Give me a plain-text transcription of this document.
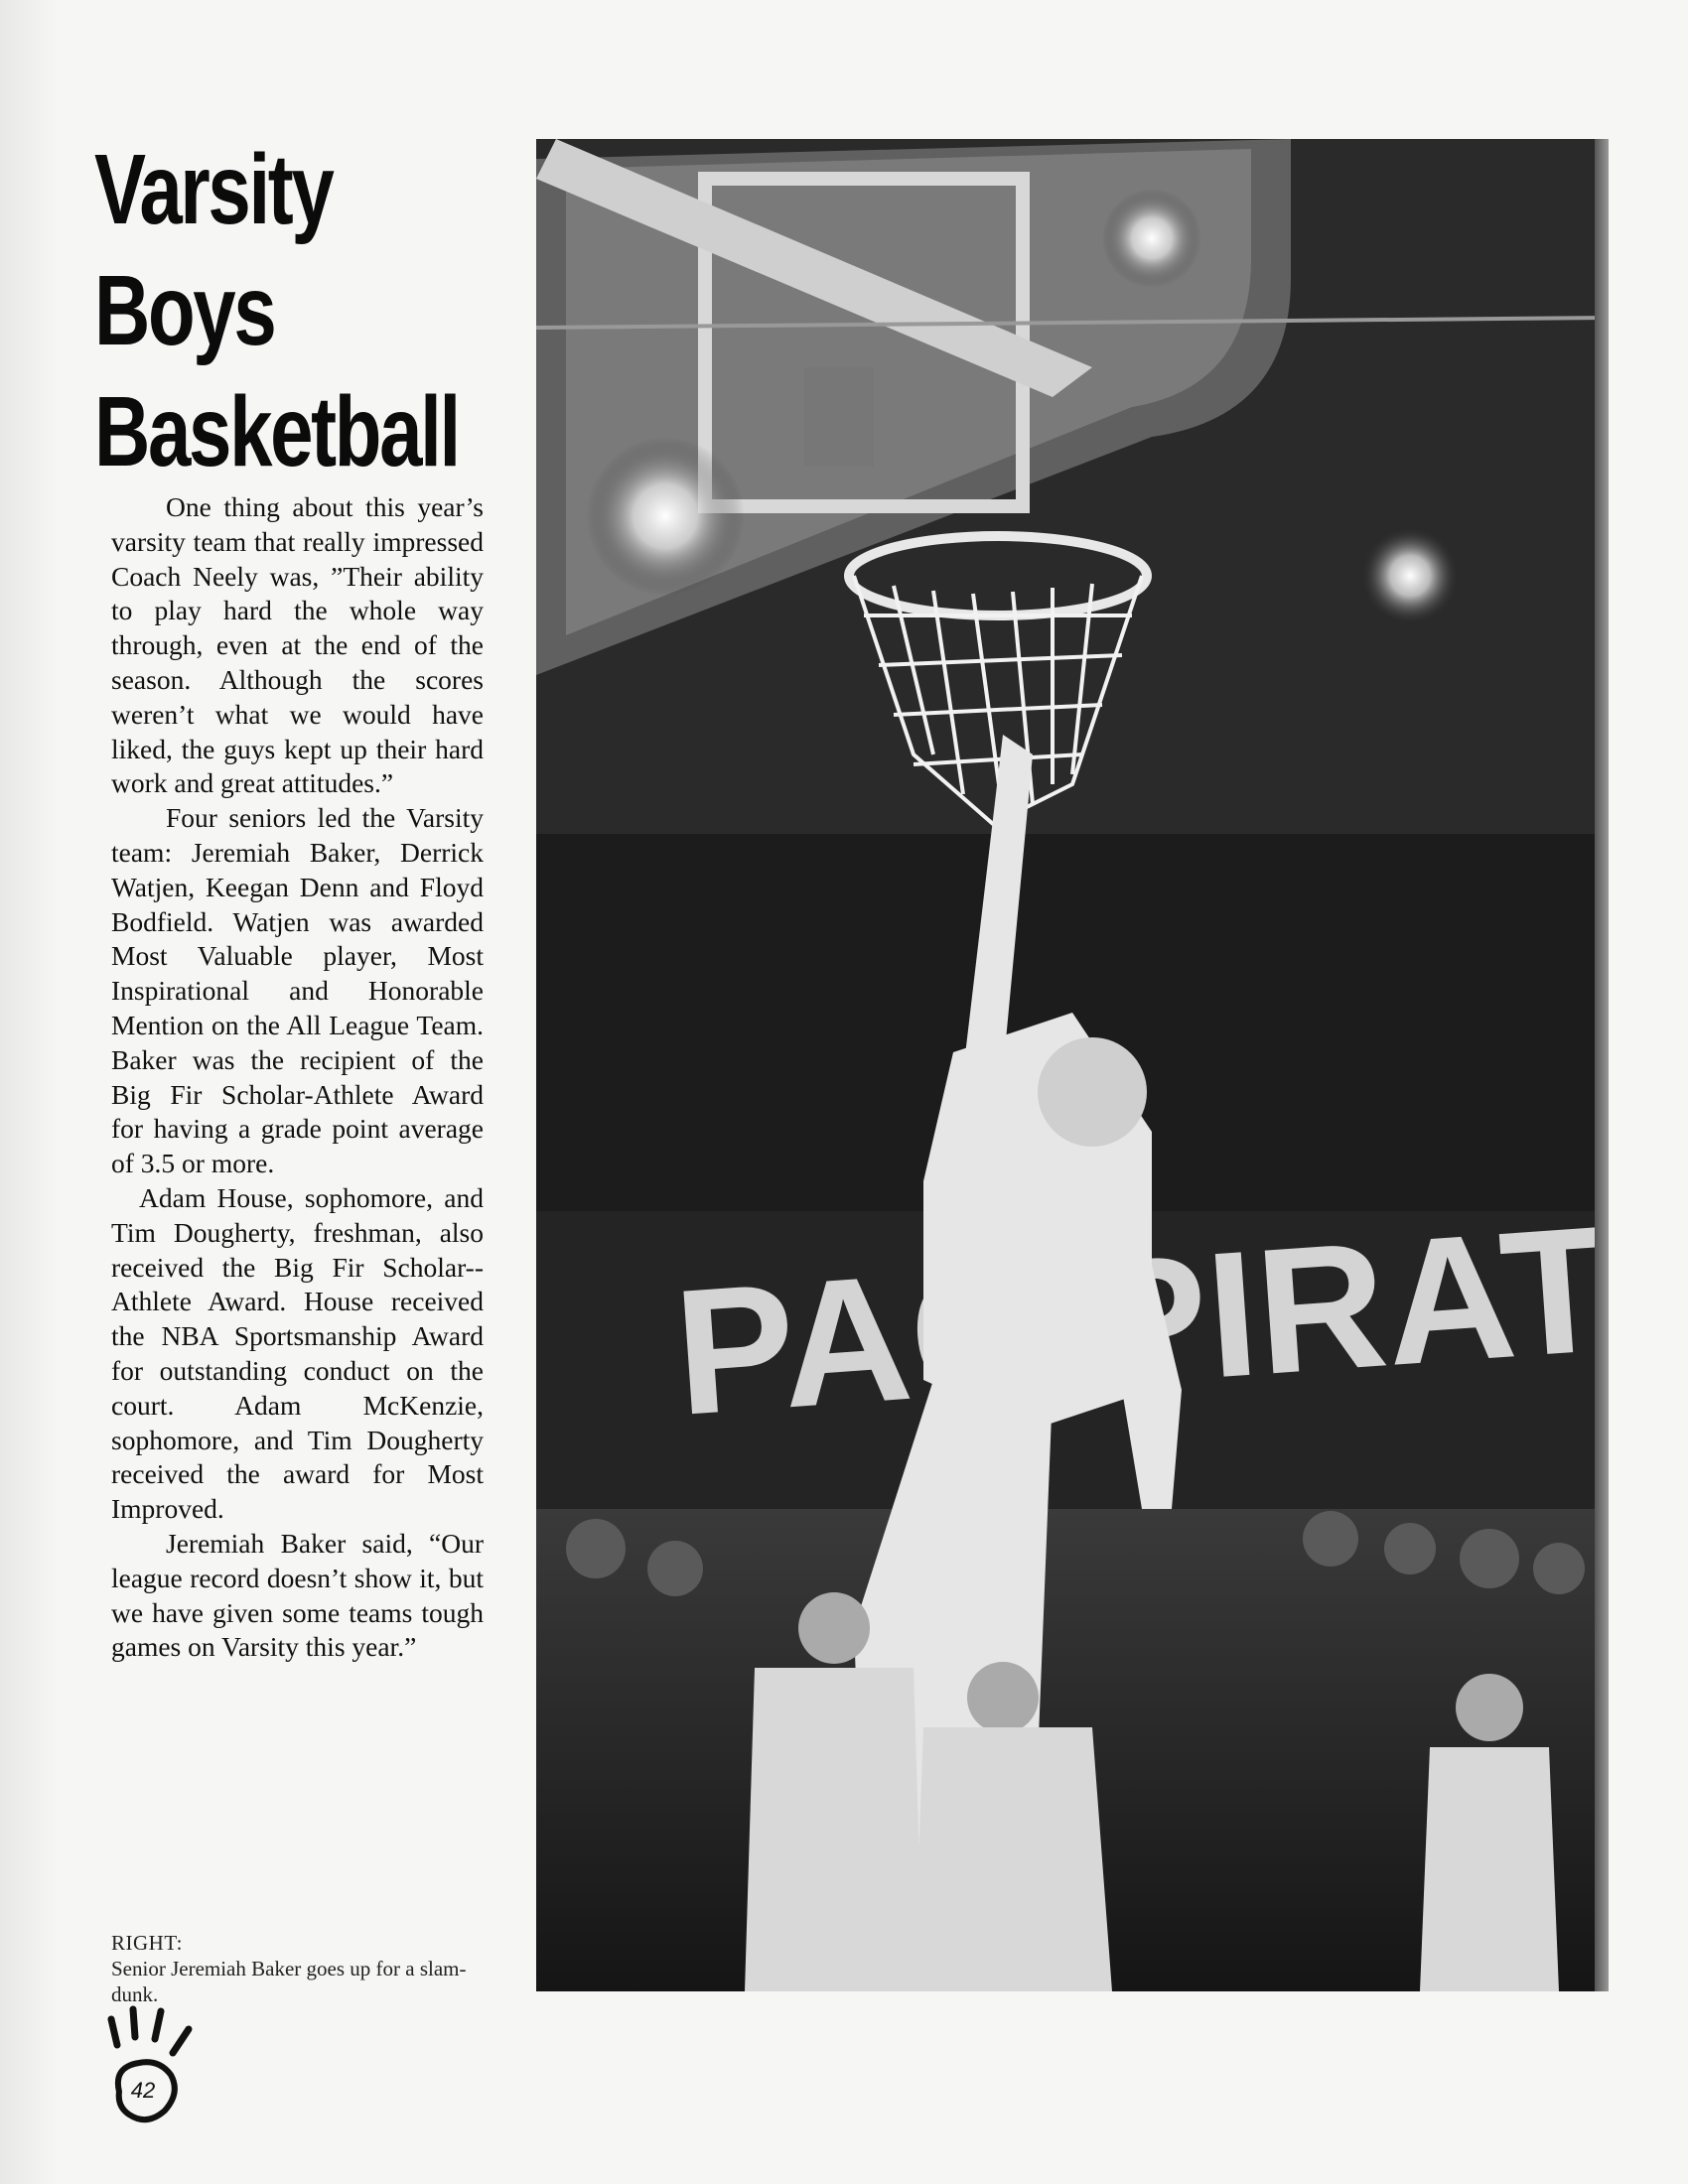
Varsity
Boys
Basketball

One thing about this year’s varsity team that really impressed Coach Neely was, ”Their ability to play hard the whole way through, even at the end of the season. Although the scores weren’t what we would have liked, the guys kept up their hard work and great attitudes.”

Four seniors led the Varsity team: Jeremiah Baker, Derrick Watjen, Keegan Denn and Floyd Bodfield. Watjen was awarded Most Valuable player, Most Inspirational and Honorable Mention on the All League Team. Baker was the recipient of the Big Fir Scholar-Athlete Award for having a grade point average of 3.5 or more.

Adam House, sophomore, and Tim Dougherty, freshman, also received the Big Fir Scholar--Athlete Award. House received the NBA Sportsmanship Award for outstanding conduct on the court. Adam McKenzie, sophomore, and Tim Dougherty received the award for Most Improved.

Jeremiah Baker said, “Our league record doesn’t show it, but we have given some teams tough games on Varsity this year.”

PAC PIRATES
RIGHT:
Senior Jeremiah Baker goes up for a slam-dunk.
42
